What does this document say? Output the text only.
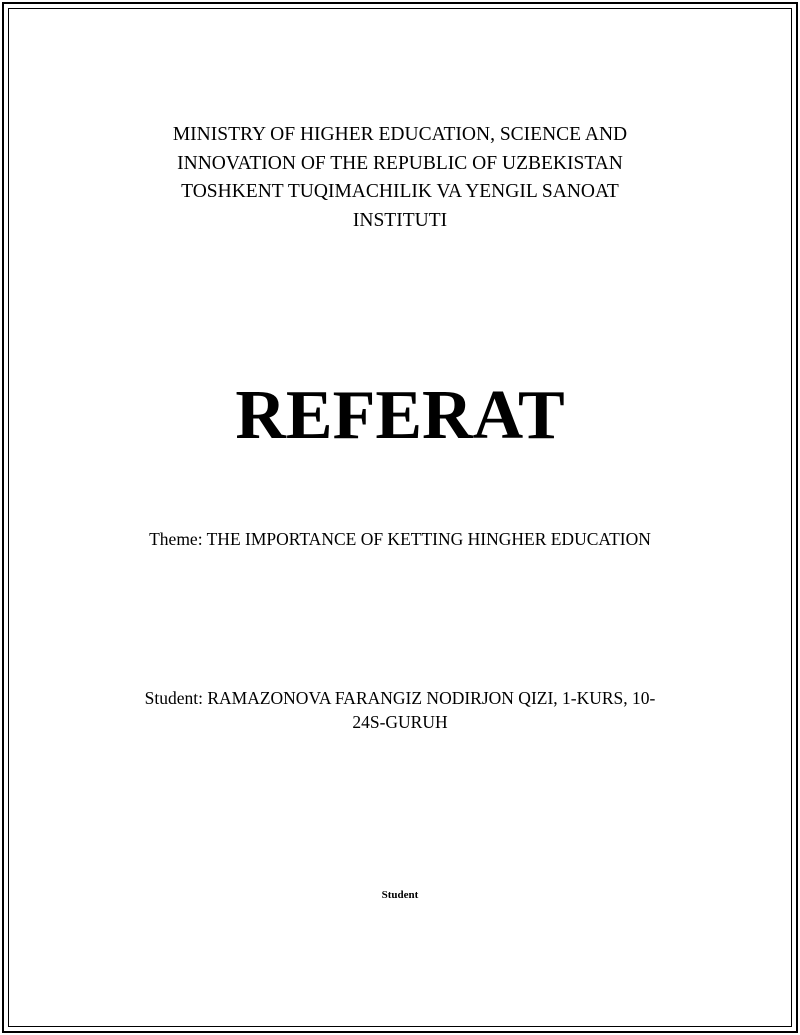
MINISTRY OF HIGHER EDUCATION, SCIENCE AND
INNOVATION OF THE REPUBLIC OF UZBEKISTAN
TOSHKENT TUQIMACHILIK VA YENGIL SANOAT
INSTITUTI
REFERAT
Theme: THE IMPORTANCE OF KETTING HINGHER EDUCATION
Student: RAMAZONOVA FARANGIZ NODIRJON QIZI, 1-KURS, 10-
24S-GURUH
Student
